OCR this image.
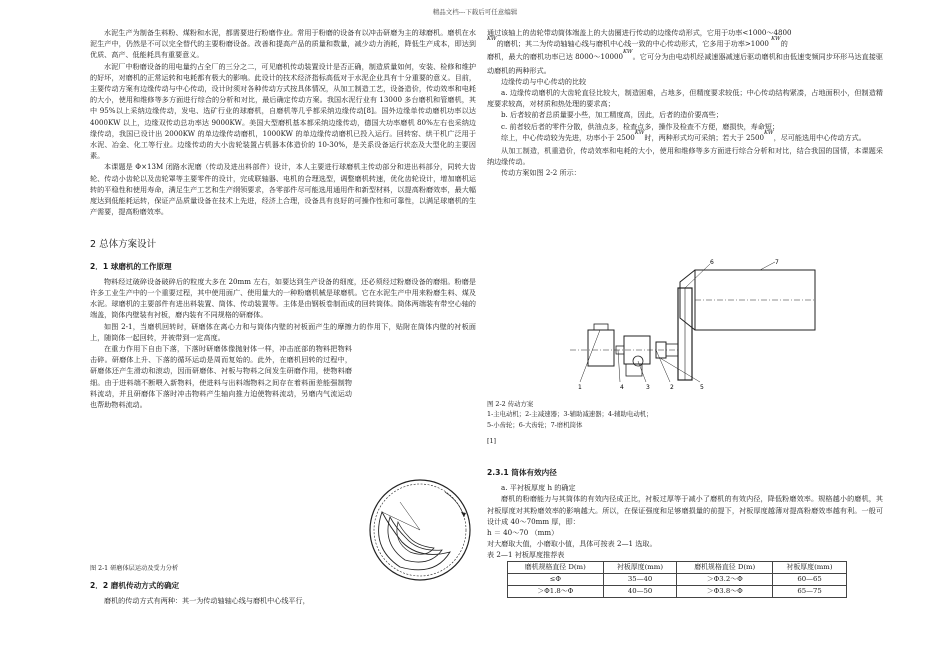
精品文档---下载后可任意编辑

水泥生产为制备生料粉、煤粉和水泥，都需要进行粉磨作业。常用于粉磨的设备有以冲击研磨为主的球磨机。磨机在水泥生产中，仍然是不可以完全替代的主要粉磨设备。改善和提高产品的质量和数量，减少动力消耗，降低生产成本，即达到优质、高产、低能耗具有重要意义。

水泥厂中粉磨设备的用电量约占全厂的三分之二，可见磨机传动装置设计是否正确，制造质量如何，安装、检修和维护的好坏，对磨机的正常运转和电耗都有极大的影响。此设计的技术经济指标高低对于水泥企业具有十分重要的意义。目前，主要传动方案有边缘传动与中心传动，设计时须对各种传动方式按具体情况，从加工制造工艺，设备造价，传动效率和电耗的大小，使用和维修等多方面进行综合的分析和对比，最后确定传动方案。我国水泥行业有 13000 多台磨机和管磨机，其中 95%以上采纳边缘传动，发电、选矿行业的球磨机，自磨机等几乎都采纳边缘传动[8]。国外边缘单传动磨机功率以达 4000KW 以上，边缘双传动总功率达 9000KW。美国大型磨机基本都采纳边缘传动，德国大功率磨机 80%左右也采纳边缘传动，我国已设计出 2000KW 的单边缘传动磨机，1000KW 的单边缘传动磨机已投入运行。回转窑、烘干机广泛用于水泥、冶金、化工等行业。边缘传动的大小齿轮装置占机器本体造价的 10-30%，是关系设备运行状态及大型化的主要因素。

本课题是 Φ×13M 闭路水泥磨（传动及进出料部件）设计，本人主要进行球磨机主传动部分和进出料部分，同转大齿轮、传动小齿轮以及齿轮罩等主要零件的设计，完成联轴器、电机的合理选型，调整磨机转速，优化齿轮设计，增加磨机运转的平稳性和使用寿命，满足生产工艺和生产纲领要求，各零部件尽可能选用通用件和新型材料，以提高粉磨效率，最大幅度达到低能耗运转，保证产品质量设备在技术上先进，经济上合理，设备具有良好的可操作性和可靠性，以满足球磨机的生产需要，提高粉磨效率。

2 总体方案设计
2．1 球磨机的工作原理

物料经过破碎设备破碎后的粒度大多在 20mm 左右，如要达到生产设备的细度，还必须经过粉磨设备的磨细。粉磨是许多工业生产中的一个重要过程，其中使用面广、使用量大的一种粉磨机械是球磨机。它在水泥生产中用来粉磨生料、煤及水泥。球磨机的主要部件有进出料装置、筒体、传动装置等。主体是由钢板卷制而成的回转筒体。筒体两端装有带空心轴的端盖，筒体内壁装有衬板，磨内装有不同规格的研磨体。

如图 2-1，当磨机回转时，研磨体在离心力和与筒体内壁的衬板面产生的摩擦力的作用下，贴附在筒体内壁的衬板面上，随筒体一起回转，并被带到一定高度。

在重力作用下自由下落，下落时研磨体像抛射体一样，冲击底部的物料把物料击碎。研磨体上升、下落的循环运动是周而复始的。此外，在磨机回转的过程中，研磨体还产生滑动和滚动，因而研磨体、衬板与物料之间发生研磨作用，使物料磨细。由于进料端不断喂入新物料，使进料与出料端物料之间存在着料面差能强制物料流动，并且研磨体下落时冲击物料产生轴向推力迫使物料流动，另磨内气流运动也帮助物料流动。

图 2-1 研磨体层运动及受力分析
2．2 磨机传动方式的确定

磨机的传动方式有两种：其一为传动轴轴心线与磨机中心线平行，

通过该轴上的齿轮带动筒体端盖上的大齿圈进行传动的边缘传动形式，它用于功率<1000～4800
$^{KW}$的磨机；其二为传动轴轴心线与磨机中心线一致的中心传动形式，它多用于功率>1000 $^{KW}$的

磨机，最大的磨机功率已达 $8000\sim 10000^{KW}$。它可分为由电动机经减速器减速后驱动磨机和由低速变频同步环形马达直接驱动磨机的两种形式。

边缘传动与中心传动的比较

a. 边缘传动磨机的大齿轮直径比较大，制造困难，占地多，但精度要求较低；中心传动结构紧凑，占地面积小，但制造精度要求较高，对材质和热处理的要求高；

b. 后者较前者总质量要小些，加工精度高，因此，后者的造价要高些；

c. 前者较后者的零件分散，供油点多，检查点多，操作及检查不方便，磨损快，寿命短；

综上，中心传动较为先进，功率小于 $2500^{KW}$时，两种形式均可采纳；若大于 $2500^{KW}$，尽可能选用中心传动方式。

从加工制造，机重造价，传动效率和电耗的大小，使用和维修等多方面进行综合分析和对比，结合我国的国情，本课题采纳边缘传动。

传动方案如图 2-2 所示：

6	7
4	3	2
1	5
图 2-2 传动方案
1-主电动机；2-主减速器；3-辅助减速器；4-辅助电动机；
5-小齿轮；6-大齿轮；7-磨机筒体
[1]
2.3.1 筒体有效内径

a. 平衬板厚度 h 的确定

磨机的粉磨能力与其筒体的有效内径成正比，衬板过厚等于减小了磨机的有效内径，降低粉磨效率。规格越小的磨机，其衬板厚度对其粉磨效率的影响越大。所以，在保证强度和足够磨损量的前提下，衬板厚度越薄对提高粉磨效率越有利。一般可设计成 40～70mm 厚，即：

h ＝ 40～70 （mm）

对大磨取大值，小磨取小值，具体可按表 2—1 选取。

表 2—1 衬板厚度推荐表

磨机规格直径 D(m)	衬板厚度(mm)	磨机规格直径 D(m)	衬板厚度(mm)
≤Φ	35—40	＞Φ3.2～Φ	60—65
＞Φ1.8～Φ	40—50	＞Φ3.8～Φ	65—75
